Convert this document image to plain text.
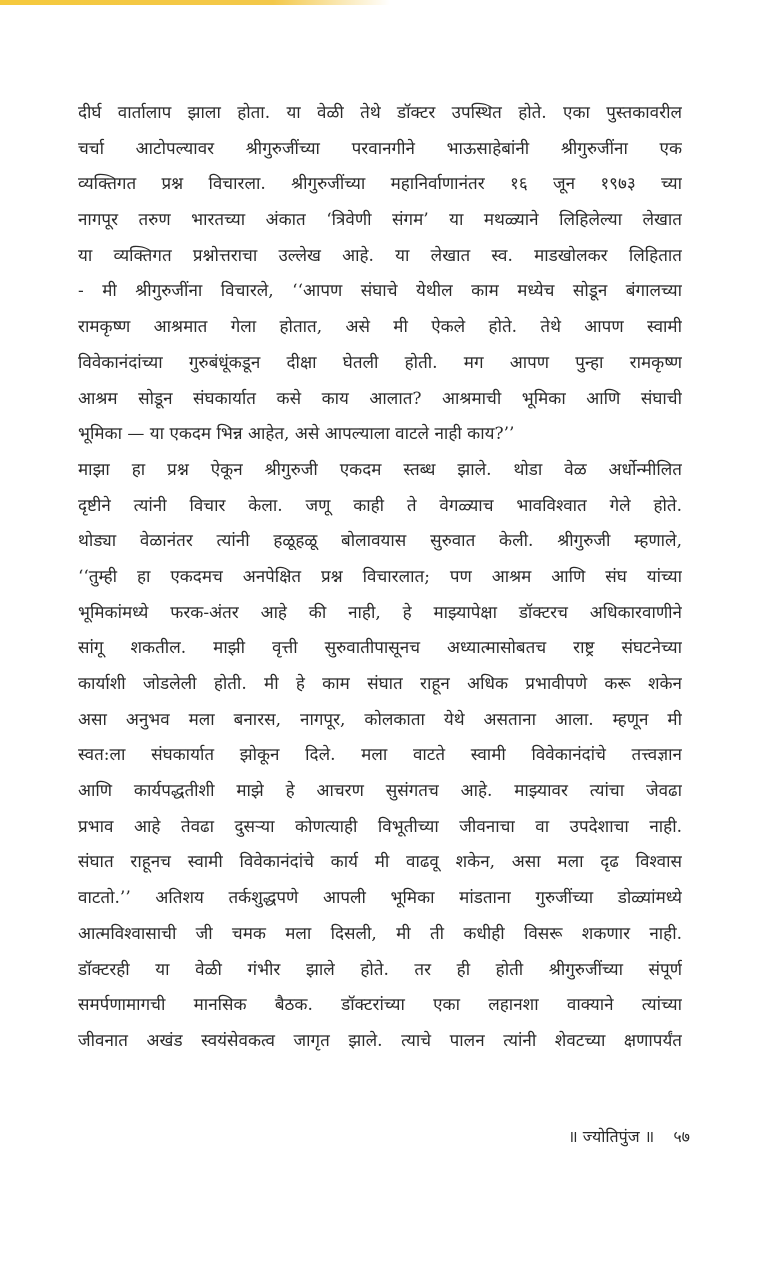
दीर्घ वार्तालाप झाला होता. या वेळी तेथे डॉक्टर उपस्थित होते. एका पुस्तकावरील
चर्चा आटोपल्यावर श्रीगुरुजींच्या परवानगीने भाऊसाहेबांनी श्रीगुरुजींना एक
व्यक्तिगत प्रश्न विचारला. श्रीगुरुजींच्या महानिर्वाणानंतर १६ जून १९७३ च्या
नागपूर तरुण भारतच्या अंकात ‘त्रिवेणी संगम’ या मथळ्याने लिहिलेल्या लेखात
या व्यक्तिगत प्रश्नोत्तराचा उल्लेख आहे. या लेखात स्व. माडखोलकर लिहितात
- मी श्रीगुरुजींना विचारले, ‘‘आपण संघाचे येथील काम मध्येच सोडून बंगालच्या
रामकृष्ण आश्रमात गेला होतात, असे मी ऐकले होते. तेथे आपण स्वामी
विवेकानंदांच्या गुरुबंधूंकडून दीक्षा घेतली होती. मग आपण पुन्हा रामकृष्ण
आश्रम सोडून संघकार्यात कसे काय आलात? आश्रमाची भूमिका आणि संघाची
भूमिका — या एकदम भिन्न आहेत, असे आपल्याला वाटले नाही काय?’’
माझा हा प्रश्न ऐकून श्रीगुरुजी एकदम स्तब्ध झाले. थोडा वेळ अर्धोन्मीलित
दृष्टीने त्यांनी विचार केला. जणू काही ते वेगळ्याच भावविश्वात गेले होते.
थोड्या वेळानंतर त्यांनी हळूहळू बोलावयास सुरुवात केली. श्रीगुरुजी म्हणाले,
‘‘तुम्ही हा एकदमच अनपेक्षित प्रश्न विचारलात; पण आश्रम आणि संघ यांच्या
भूमिकांमध्ये फरक-अंतर आहे की नाही, हे माझ्यापेक्षा डॉक्टरच अधिकारवाणीने
सांगू शकतील. माझी वृत्ती सुरुवातीपासूनच अध्यात्मासोबतच राष्ट्र संघटनेच्या
कार्याशी जोडलेली होती. मी हे काम संघात राहून अधिक प्रभावीपणे करू शकेन
असा अनुभव मला बनारस, नागपूर, कोलकाता येथे असताना आला. म्हणून मी
स्वत:ला संघकार्यात झोकून दिले. मला वाटते स्वामी विवेकानंदांचे तत्त्वज्ञान
आणि कार्यपद्धतीशी माझे हे आचरण सुसंगतच आहे. माझ्यावर त्यांचा जेवढा
प्रभाव आहे तेवढा दुसऱ्या कोणत्याही विभूतीच्या जीवनाचा वा उपदेशाचा नाही.
संघात राहूनच स्वामी विवेकानंदांचे कार्य मी वाढवू शकेन, असा मला दृढ विश्वास
वाटतो.’’ अतिशय तर्कशुद्धपणे आपली भूमिका मांडताना गुरुजींच्या डोळ्यांमध्ये
आत्मविश्वासाची जी चमक मला दिसली, मी ती कधीही विसरू शकणार नाही.
डॉक्टरही या वेळी गंभीर झाले होते. तर ही होती श्रीगुरुजींच्या संपूर्ण
समर्पणामागची मानसिक बैठक. डॉक्टरांच्या एका लहानशा वाक्याने त्यांच्या
जीवनात अखंड स्वयंसेवकत्व जागृत झाले. त्याचे पालन त्यांनी शेवटच्या क्षणापर्यंत
॥ ज्योतिपुंज ॥ ५७
